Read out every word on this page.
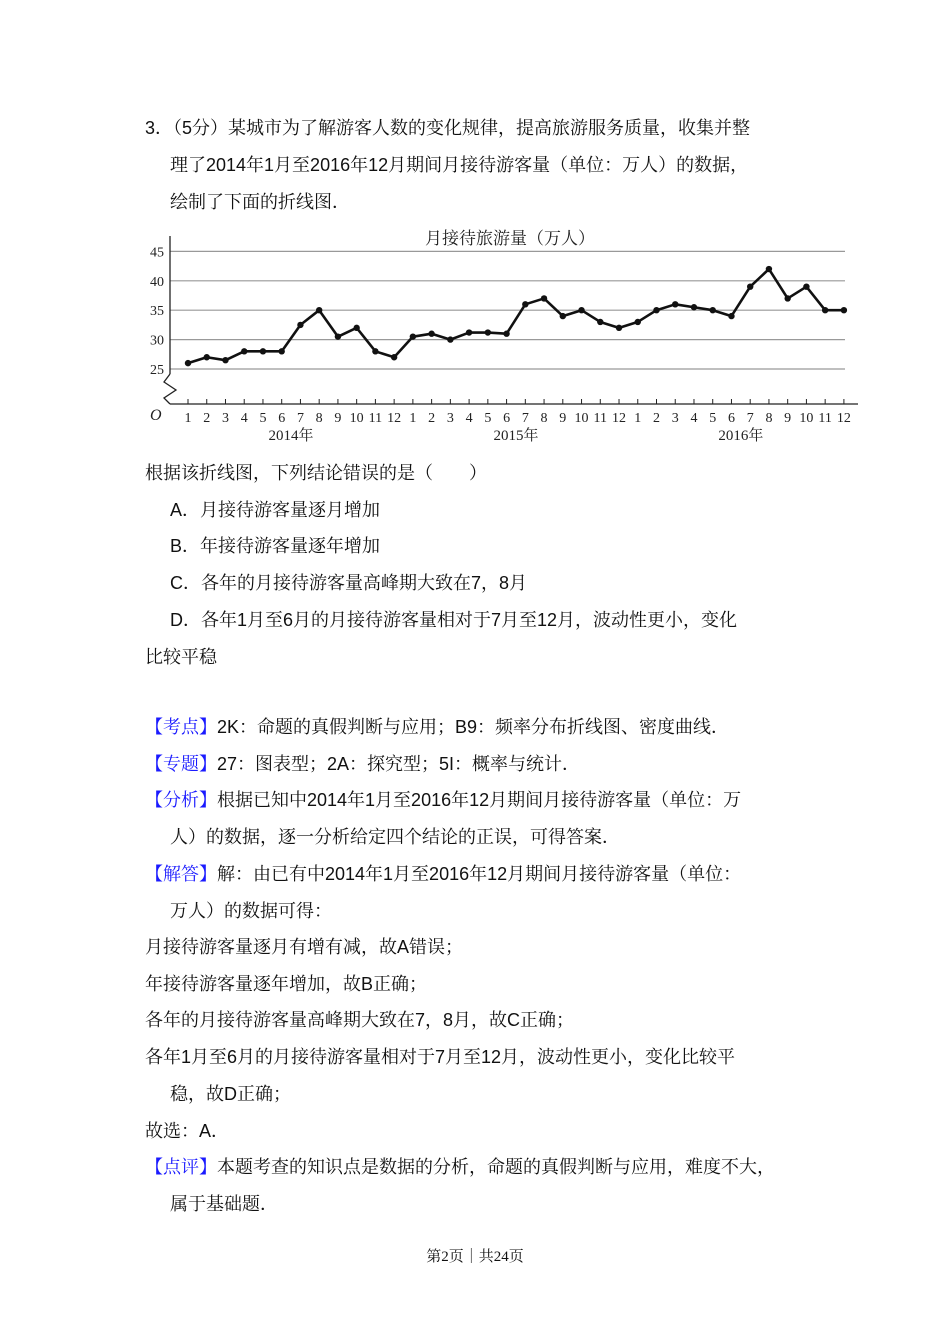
3．（5分）某城市为了解游客人数的变化规律，提高旅游服务质量，收集并整
理了2014年1月至2016年12月期间月接待游客量（单位：万人）的数据，
绘制了下面的折线图．
月接待旅游量（万人）
25
30
35
40
45
O 1 2 3 4 5 6 7 8 9 10 11 12 1 2 3 4 5 6 7 8 9 10 11 12 1 2 3 4 5 6 7 8 9 10 11 12
2014年	2015年	2016年
根据该折线图，下列结论错误的是（　　）
A．月接待游客量逐月增加
B．年接待游客量逐年增加
C．各年的月接待游客量高峰期大致在7，8月
D．各年1月至6月的月接待游客量相对于7月至12月，波动性更小，变化
比较平稳
【考点】2K：命题的真假判断与应用；B9：频率分布折线图、密度曲线．
【专题】27：图表型；2A：探究型；5I：概率与统计．
【分析】根据已知中2014年1月至2016年12月期间月接待游客量（单位：万
人）的数据，逐一分析给定四个结论的正误，可得答案．
【解答】解：由已有中2014年1月至2016年12月期间月接待游客量（单位：
万人）的数据可得：
月接待游客量逐月有增有减，故A错误；
年接待游客量逐年增加，故B正确；
各年的月接待游客量高峰期大致在7，8月，故C正确；
各年1月至6月的月接待游客量相对于7月至12月，波动性更小，变化比较平
稳，故D正确；
故选：A．
【点评】本题考查的知识点是数据的分析，命题的真假判断与应用，难度不大，
属于基础题．
第2页｜共24页
